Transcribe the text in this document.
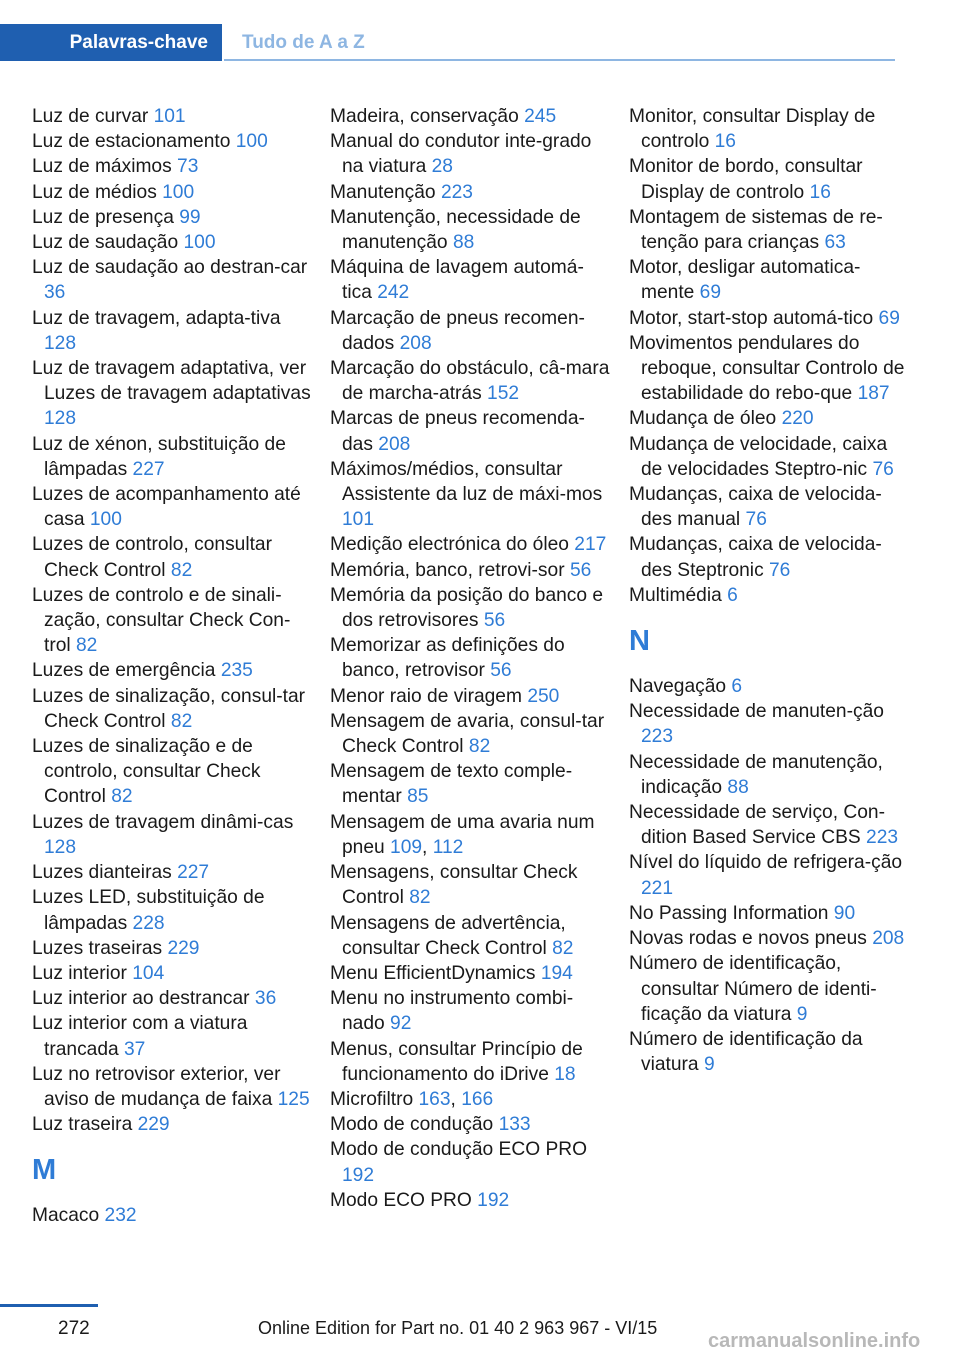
Palavras-chave	Tudo de A a Z
Luz de curvar 101
Luz de estacionamento 100
Luz de máximos 73
Luz de médios 100
Luz de presença 99
Luz de saudação 100
Luz de saudação ao destran‐car 36
Luz de travagem, adapta‐tiva 128
Luz de travagem adaptativa, ver Luzes de travagem adaptativas 128
Luz de xénon, substituição de lâmpadas 227
Luzes de acompanhamento até casa 100
Luzes de controlo, consultar Check Control 82
Luzes de controlo e de sinali‐zação, consultar Check Con‐trol 82
Luzes de emergência 235
Luzes de sinalização, consul‐tar Check Control 82
Luzes de sinalização e de controlo, consultar Check Control 82
Luzes de travagem dinâmi‐cas 128
Luzes dianteiras 227
Luzes LED, substituição de lâmpadas 228
Luzes traseiras 229
Luz interior 104
Luz interior ao destrancar 36
Luz interior com a viatura trancada 37
Luz no retrovisor exterior, ver aviso de mudança de faixa 125
Luz traseira 229
M
Macaco 232
Madeira, conservação 245
Manual do condutor inte‐grado na viatura 28
Manutenção 223
Manutenção, necessidade de manutenção 88
Máquina de lavagem automá‐tica 242
Marcação de pneus recomen‐dados 208
Marcação do obstáculo, câ‐mara de marcha-atrás 152
Marcas de pneus recomenda‐das 208
Máximos/médios, consultar Assistente da luz de máxi‐mos 101
Medição electrónica do óleo 217
Memória, banco, retrovi‐sor 56
Memória da posição do banco e dos retrovisores 56
Memorizar as definições do banco, retrovisor 56
Menor raio de viragem 250
Mensagem de avaria, consul‐tar Check Control 82
Mensagem de texto comple‐mentar 85
Mensagem de uma avaria num pneu 109, 112
Mensagens, consultar Check Control 82
Mensagens de advertência, consultar Check Control 82
Menu EfficientDynamics 194
Menu no instrumento combi‐nado 92
Menus, consultar Princípio de funcionamento do iDrive 18
Microfiltro 163, 166
Modo de condução 133
Modo de condução ECO PRO 192
Modo ECO PRO 192
Monitor, consultar Display de controlo 16
Monitor de bordo, consultar Display de controlo 16
Montagem de sistemas de re‐tenção para crianças 63
Motor, desligar automatica‐mente 69
Motor, start-stop automá‐tico 69
Movimentos pendulares do reboque, consultar Controlo de estabilidade do rebo‐que 187
Mudança de óleo 220
Mudança de velocidade, caixa de velocidades Steptro‐nic 76
Mudanças, caixa de velocida‐des manual 76
Mudanças, caixa de velocida‐des Steptronic 76
Multimédia 6
N
Navegação 6
Necessidade de manuten‐ção 223
Necessidade de manutenção, indicação 88
Necessidade de serviço, Con‐dition Based Service CBS 223
Nível do líquido de refrigera‐ção 221
No Passing Information 90
Novas rodas e novos pneus 208
Número de identificação, consultar Número de identi‐ficação da viatura 9
Número de identificação da viatura 9
272	Online Edition for Part no. 01 40 2 963 967 - VI/15
carmanualsonline.info
